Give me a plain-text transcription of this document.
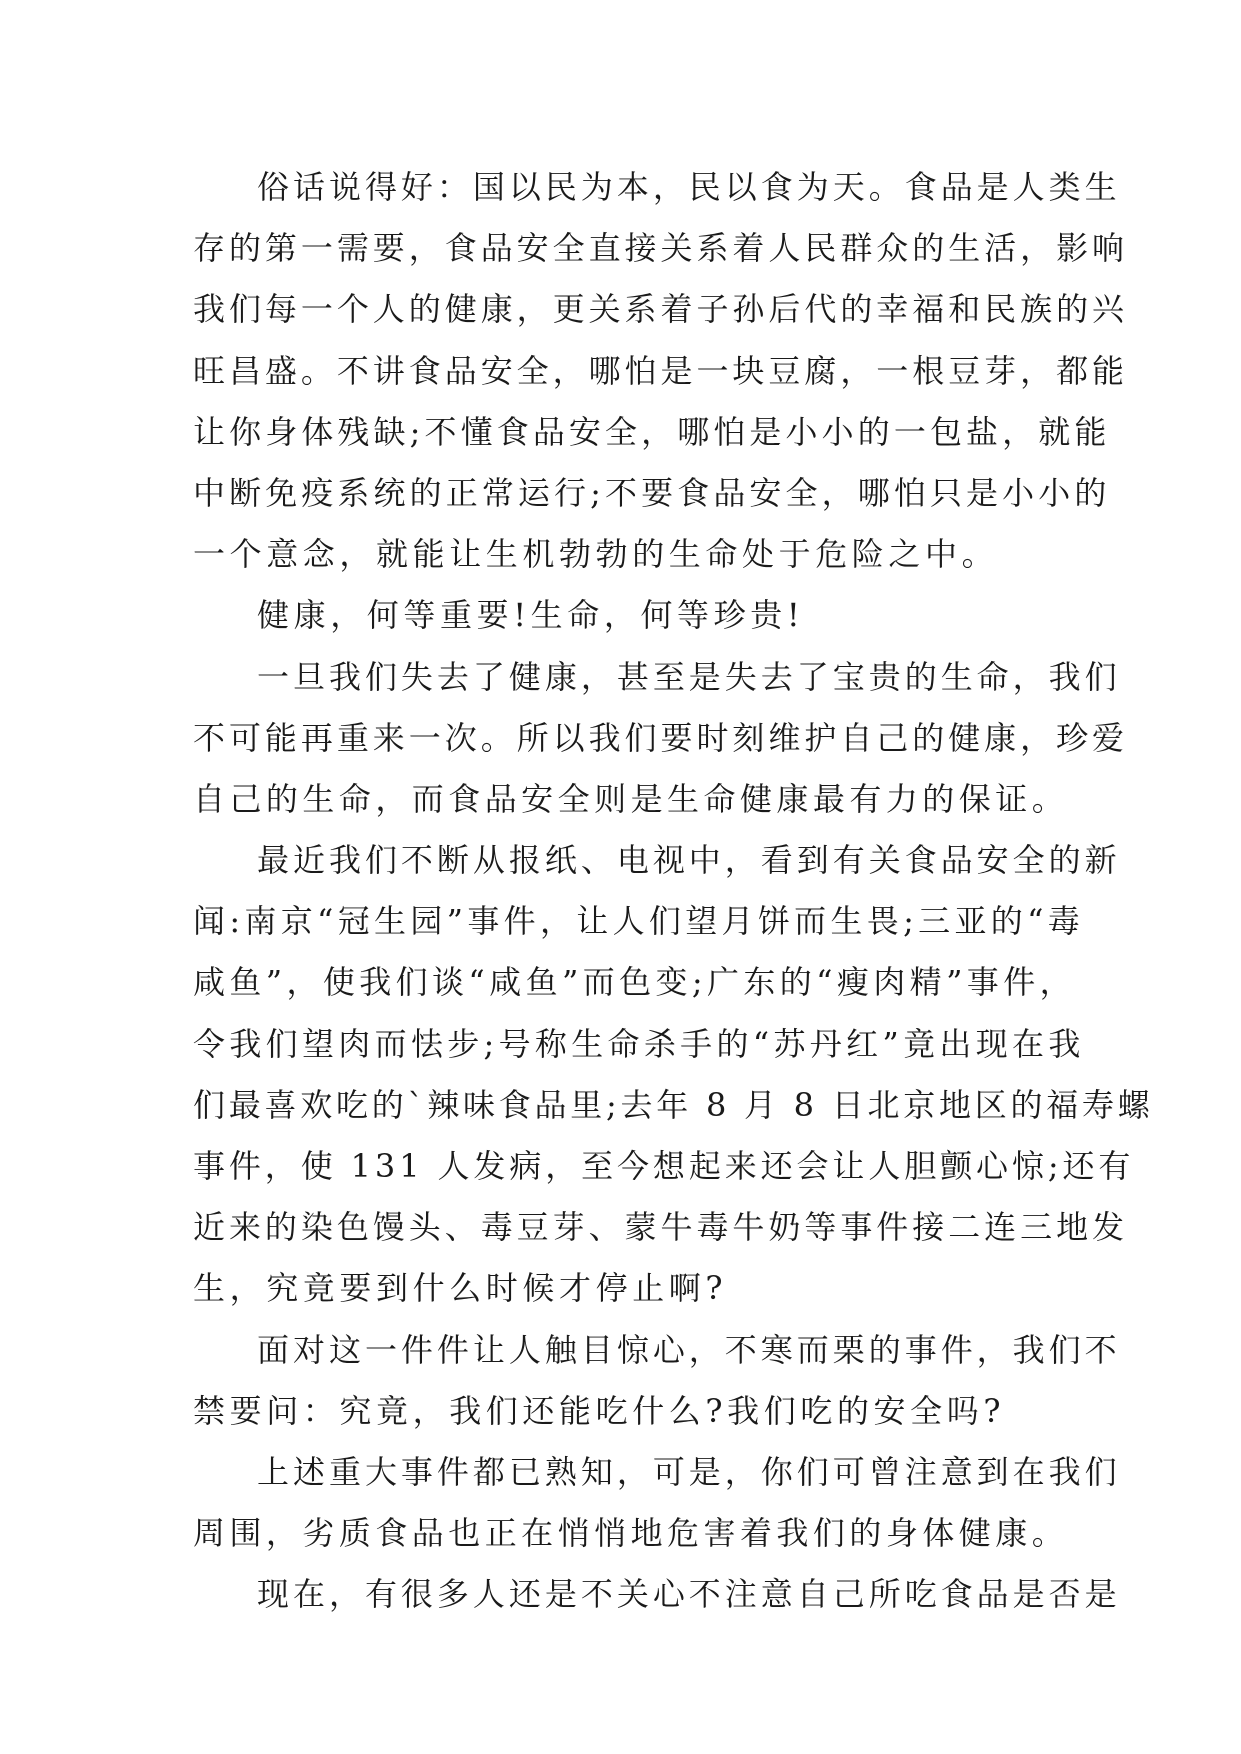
俗话说得好：国以民为本，民以食为天。食品是人类生
存的第一需要，食品安全直接关系着人民群众的生活，影响
我们每一个人的健康，更关系着子孙后代的幸福和民族的兴
旺昌盛。不讲食品安全，哪怕是一块豆腐，一根豆芽，都能
让你身体残缺;不懂食品安全，哪怕是小小的一包盐，就能
中断免疫系统的正常运行;不要食品安全，哪怕只是小小的
一个意念，就能让生机勃勃的生命处于危险之中。
健康，何等重要!生命，何等珍贵!
一旦我们失去了健康，甚至是失去了宝贵的生命，我们
不可能再重来一次。所以我们要时刻维护自己的健康，珍爱
自己的生命，而食品安全则是生命健康最有力的保证。
最近我们不断从报纸、电视中，看到有关食品安全的新
闻:南京“冠生园”事件，让人们望月饼而生畏;三亚的“毒
咸鱼”，使我们谈“咸鱼”而色变;广东的“瘦肉精”事件，
令我们望肉而怯步;号称生命杀手的“苏丹红”竟出现在我
们最喜欢吃的`辣味食品里;去年 8 月 8 日北京地区的福寿螺
事件，使 131 人发病，至今想起来还会让人胆颤心惊;还有
近来的染色馒头、毒豆芽、蒙牛毒牛奶等事件接二连三地发
生，究竟要到什么时候才停止啊?
面对这一件件让人触目惊心，不寒而栗的事件，我们不
禁要问：究竟，我们还能吃什么?我们吃的安全吗?
上述重大事件都已熟知，可是，你们可曾注意到在我们
周围，劣质食品也正在悄悄地危害着我们的身体健康。
现在，有很多人还是不关心不注意自己所吃食品是否是
